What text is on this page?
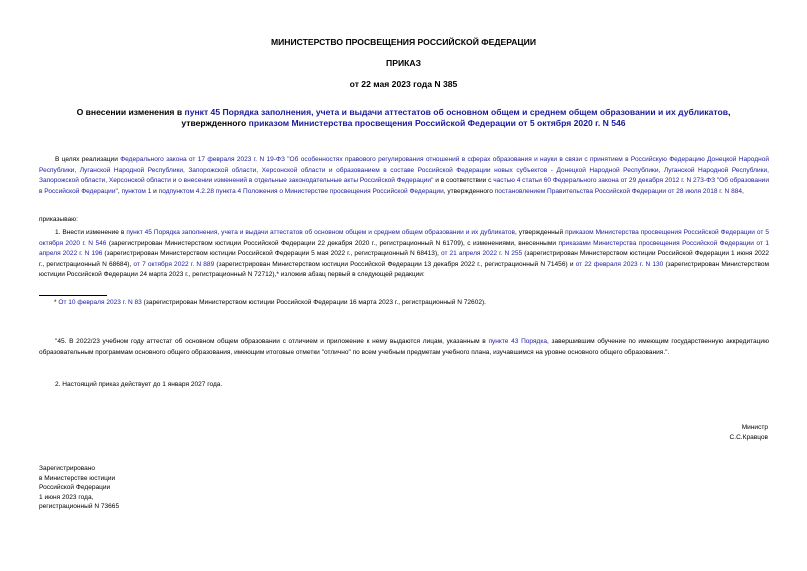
МИНИСТЕРСТВО ПРОСВЕЩЕНИЯ РОССИЙСКОЙ ФЕДЕРАЦИИ
ПРИКАЗ
от 22 мая 2023 года N 385
О внесении изменения в пункт 45 Порядка заполнения, учета и выдачи аттестатов об основном общем и среднем общем образовании и их дубликатов, утвержденного приказом Министерства просвещения Российской Федерации от 5 октября 2020 г. N 546
В целях реализации Федерального закона от 17 февраля 2023 г. N 19-ФЗ "Об особенностях правового регулирования отношений в сферах образования и науки в связи с принятием в Российскую Федерацию Донецкой Народной Республики, Луганской Народной Республики, Запорожской области, Херсонской области и образованием в составе Российской Федерации новых субъектов - Донецкой Народной Республики, Луганской Народной Республики, Запорожской области, Херсонской области и о внесении изменений в отдельные законодательные акты Российской Федерации" и в соответствии с частью 4 статьи 60 Федерального закона от 29 декабря 2012 г. N 273-ФЗ "Об образовании в Российской Федерации", пунктом 1 и подпунктом 4.2.28 пункта 4 Положения о Министерстве просвещения Российской Федерации, утвержденного постановлением Правительства Российской Федерации от 28 июля 2018 г. N 884,
приказываю:
1. Внести изменение в пункт 45 Порядка заполнения, учета и выдачи аттестатов об основном общем и среднем общем образовании и их дубликатов, утвержденный приказом Министерства просвещения Российской Федерации от 5 октября 2020 г. N 546 (зарегистрирован Министерством юстиции Российской Федерации 22 декабря 2020 г., регистрационный N 61709), с изменениями, внесенными приказами Министерства просвещения Российской Федерации от 1 апреля 2022 г. N 196 (зарегистрирован Министерством юстиции Российской Федерации 5 мая 2022 г., регистрационный N 68413), от 21 апреля 2022 г. N 255 (зарегистрирован Министерством юстиции Российской Федерации 1 июня 2022 г., регистрационный N 68684), от 7 октября 2022 г. N 889 (зарегистрирован Министерством юстиции Российской Федерации 13 декабря 2022 г., регистрационный N 71456) и от 22 февраля 2023 г. N 130 (зарегистрирован Министерством юстиции Российской Федерации 24 марта 2023 г., регистрационный N 72712),* изложив абзац первый в следующей редакции:
* От 10 февраля 2023 г. N 83 (зарегистрирован Министерством юстиции Российской Федерации 16 марта 2023 г., регистрационный N 72602).
"45. В 2022/23 учебном году аттестат об основном общем образовании с отличием и приложение к нему выдаются лицам, указанным в пункте 43 Порядка, завершившим обучение по имеющим государственную аккредитацию образовательным программам основного общего образования, имеющим итоговые отметки "отлично" по всем учебным предметам учебного плана, изучавшимся на уровне основного общего образования.".
2. Настоящий приказ действует до 1 января 2027 года.
Министр
С.С.Кравцов
Зарегистрировано
в Министерстве юстиции
Российской Федерации
1 июня 2023 года,
регистрационный N 73665
